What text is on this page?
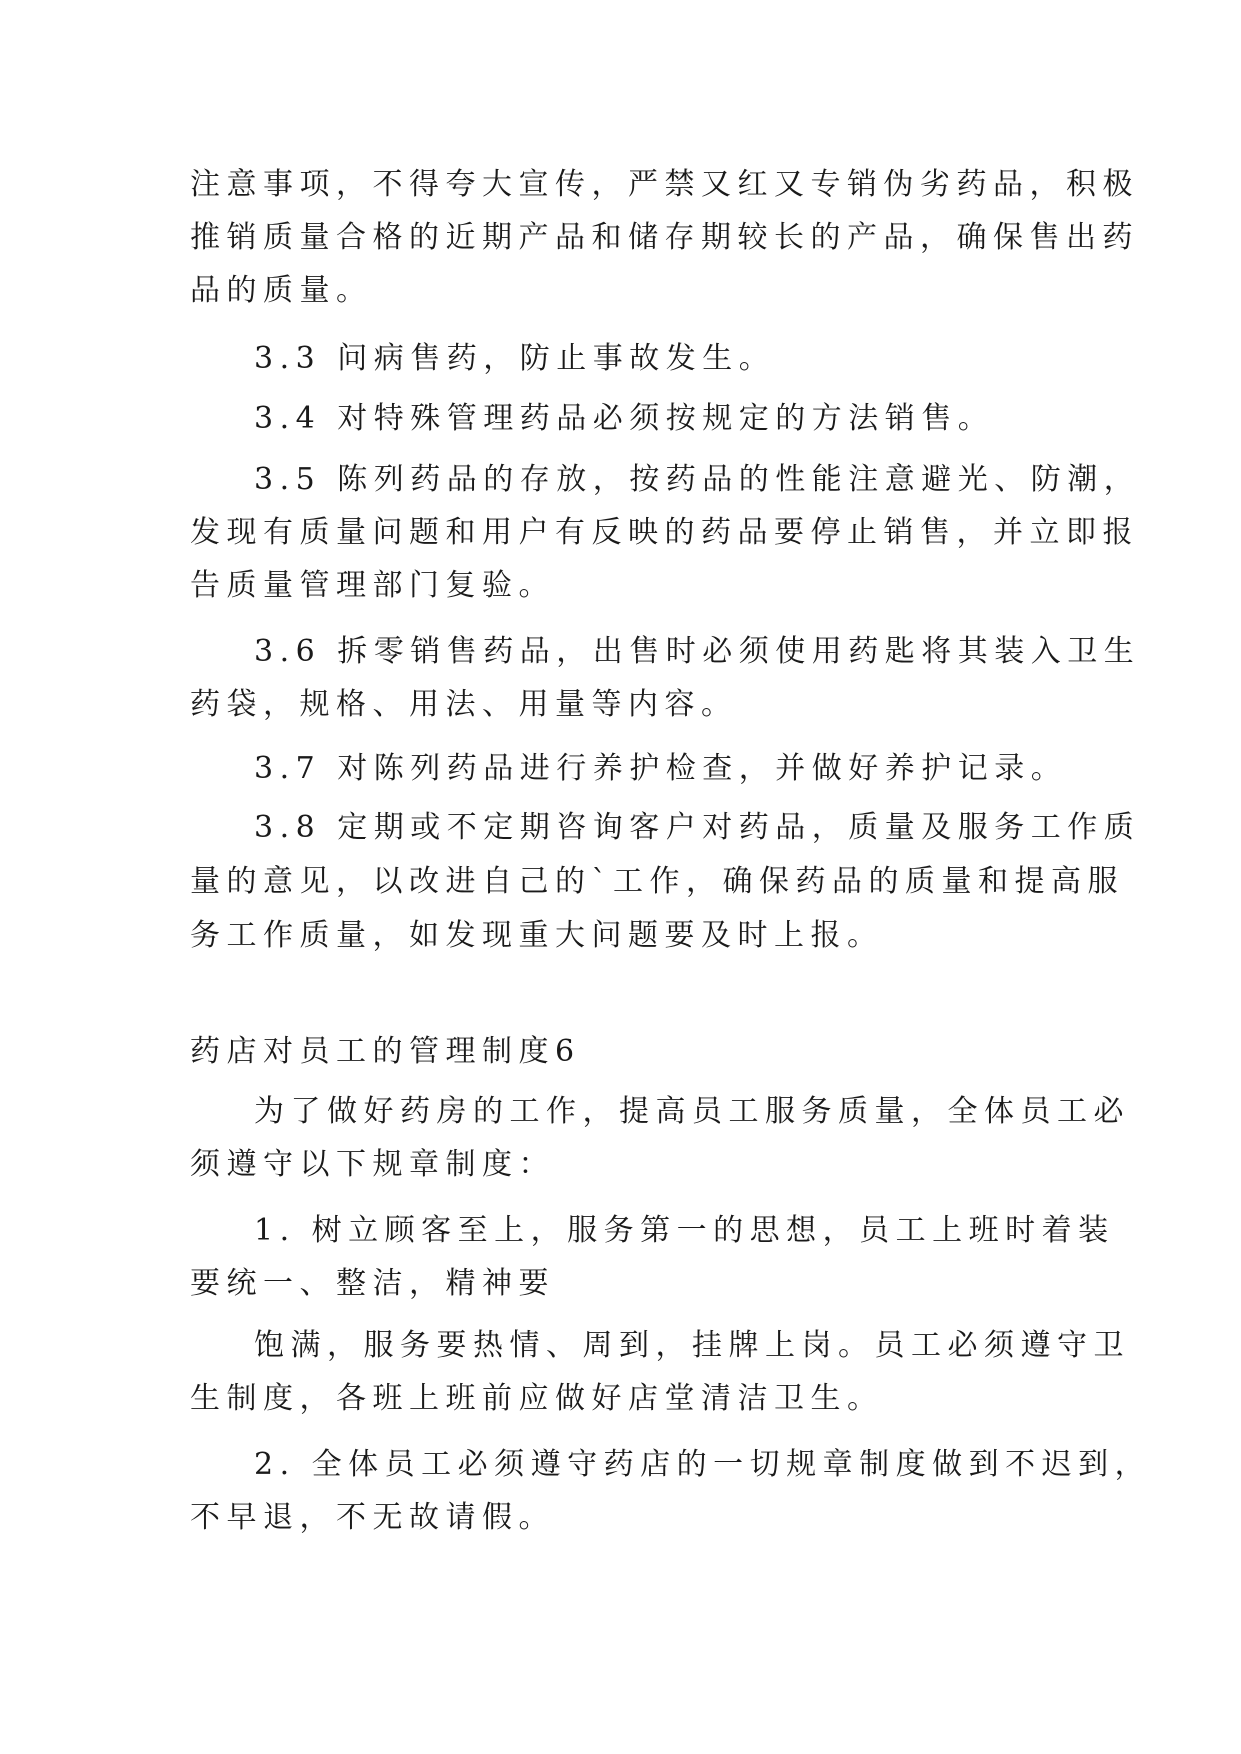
注意事项，不得夸大宣传，严禁又红又专销伪劣药品，积极
推销质量合格的近期产品和储存期较长的产品，确保售出药
品的质量。
3.3 问病售药，防止事故发生。
3.4 对特殊管理药品必须按规定的方法销售。
3.5 陈列药品的存放，按药品的性能注意避光、防潮，
发现有质量问题和用户有反映的药品要停止销售，并立即报
告质量管理部门复验。
3.6 拆零销售药品，出售时必须使用药匙将其装入卫生
药袋，规格、用法、用量等内容。
3.7 对陈列药品进行养护检查，并做好养护记录。
3.8 定期或不定期咨询客户对药品，质量及服务工作质
量的意见，以改进自己的`工作，确保药品的质量和提高服
务工作质量，如发现重大问题要及时上报。
药店对员工的管理制度6
为了做好药房的工作，提高员工服务质量，全体员工必
须遵守以下规章制度：
1. 树立顾客至上，服务第一的思想，员工上班时着装
要统一、整洁，精神要
饱满，服务要热情、周到，挂牌上岗。员工必须遵守卫
生制度，各班上班前应做好店堂清洁卫生。
2. 全体员工必须遵守药店的一切规章制度做到不迟到，
不早退，不无故请假。
